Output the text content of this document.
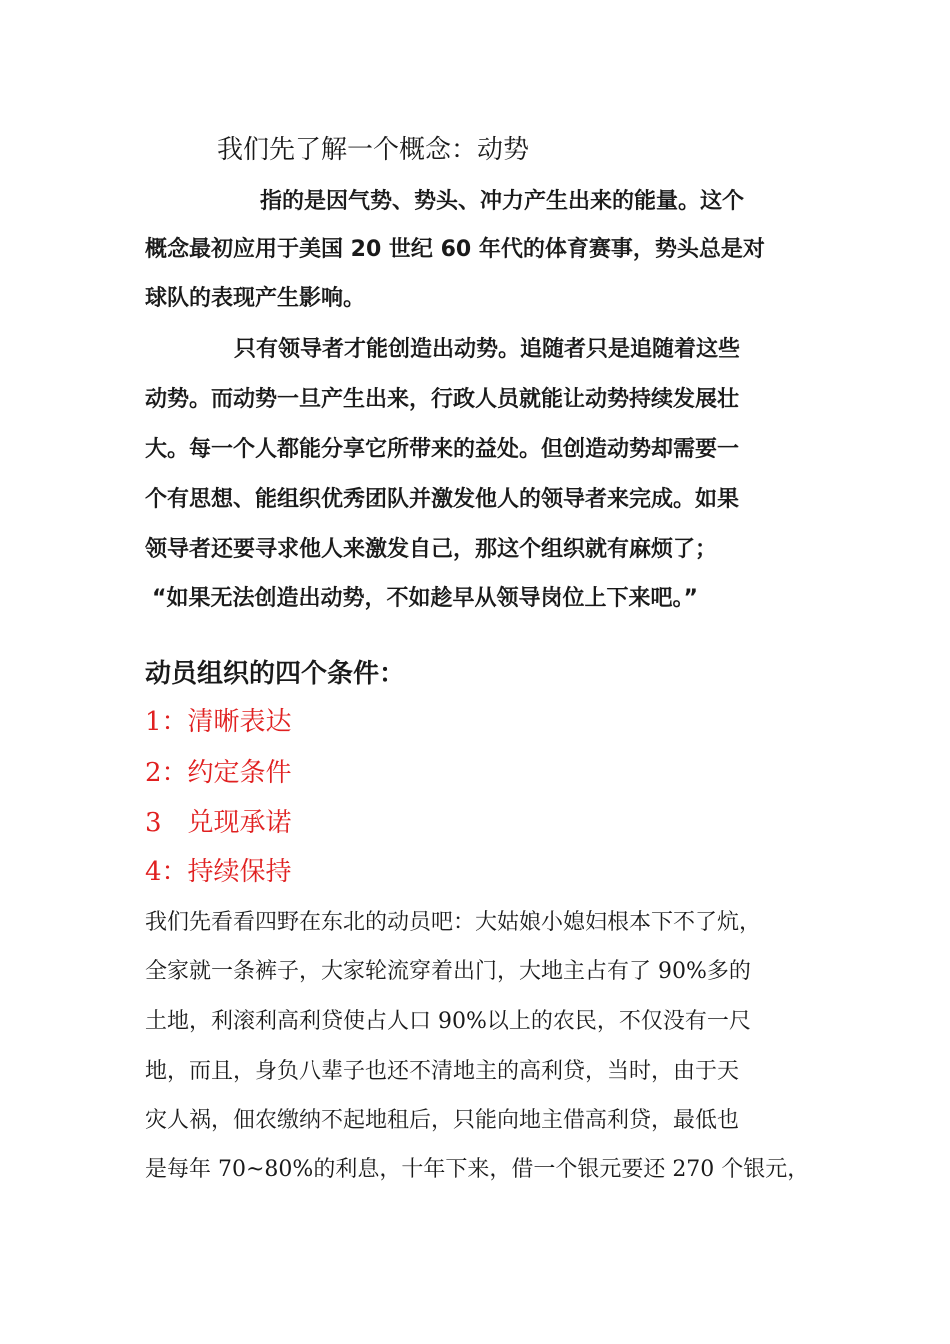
我们先了解一个概念：动势
指的是因气势、势头、冲力产生出来的能量。这个
概念最初应用于美国 20 世纪 60 年代的体育赛事，势头总是对
球队的表现产生影响。
只有领导者才能创造出动势。追随者只是追随着这些
动势。而动势一旦产生出来，行政人员就能让动势持续发展壮
大。每一个人都能分享它所带来的益处。但创造动势却需要一
个有思想、能组织优秀团队并激发他人的领导者来完成。如果
领导者还要寻求他人来激发自己，那这个组织就有麻烦了；
“如果无法创造出动势，不如趁早从领导岗位上下来吧。”
动员组织的四个条件：
1：清晰表达
2：约定条件
3　兑现承诺
4：持续保持
我们先看看四野在东北的动员吧：大姑娘小媳妇根本下不了炕，
全家就一条裤子，大家轮流穿着出门，大地主占有了 90%多的
土地，利滚利高利贷使占人口 90%以上的农民，不仅没有一尺
地，而且，身负八辈子也还不清地主的高利贷，当时，由于天
灾人祸，佃农缴纳不起地租后，只能向地主借高利贷，最低也
是每年 70~80%的利息，十年下来，借一个银元要还 270 个银元，
